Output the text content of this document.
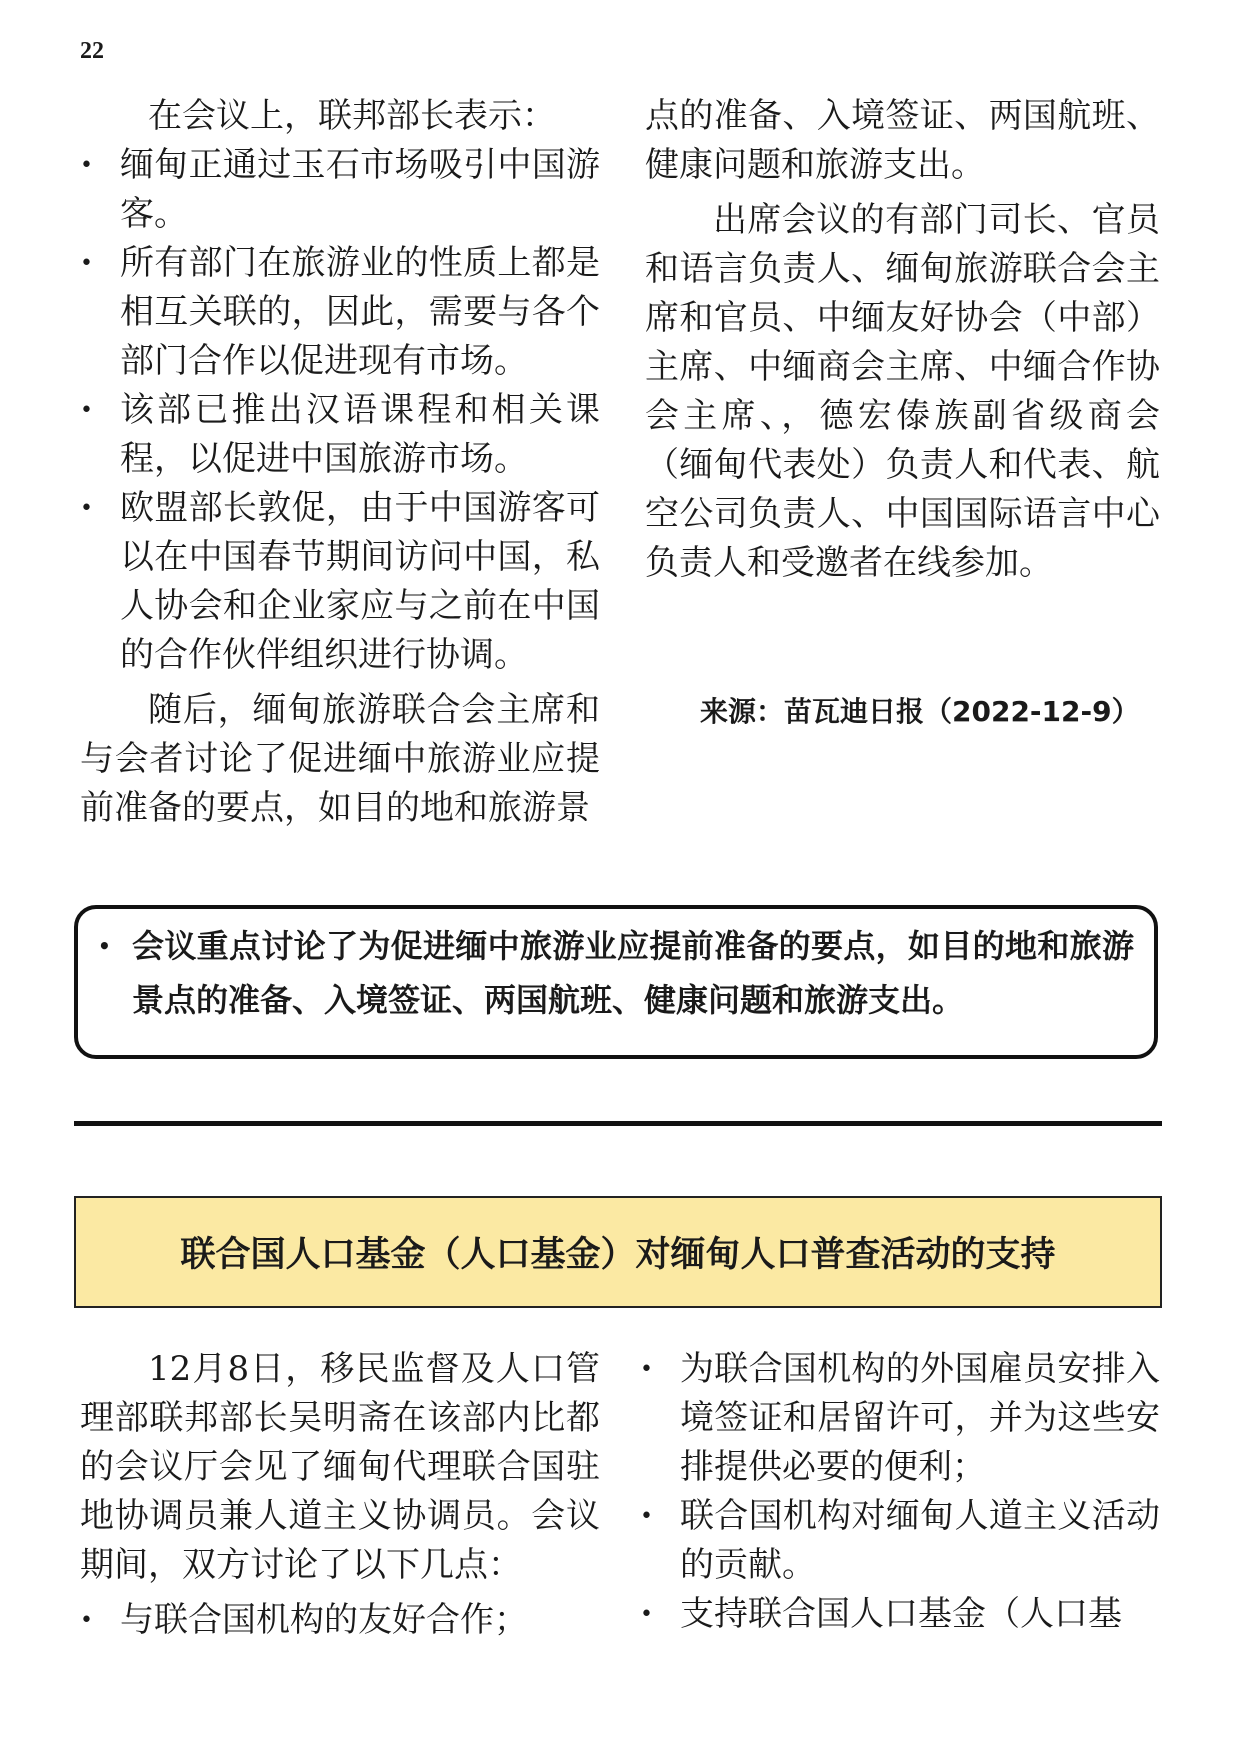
22

在会议上，联邦部长表示：

• 缅甸正通过玉石市场吸引中国游客。
• 所有部门在旅游业的性质上都是相互关联的，因此，需要与各个部门合作以促进现有市场。
• 该部已推出汉语课程和相关课程，以促进中国旅游市场。
• 欧盟部长敦促，由于中国游客可以在中国春节期间访问中国，私人协会和企业家应与之前在中国的合作伙伴组织进行协调。

随后，缅甸旅游联合会主席和与会者讨论了促进缅中旅游业应提前准备的要点，如目的地和旅游景

点的准备、入境签证、两国航班、健康问题和旅游支出。

出席会议的有部门司长、官员和语言负责人、缅甸旅游联合会主席和官员、中缅友好协会（中部）主席、中缅商会主席、中缅合作协会主席、，德宏傣族副省级商会（缅甸代表处）负责人和代表、航空公司负责人、中国国际语言中心负责人和受邀者在线参加。

来源：苗瓦迪日报（2022-12-9）
• 会议重点讨论了为促进缅中旅游业应提前准备的要点，如目的地和旅游景点的准备、入境签证、两国航班、健康问题和旅游支出。
联合国人口基金（人口基金）对缅甸人口普查活动的支持

12月8日，移民监督及人口管理部联邦部长吴明斋在该部内比都的会议厅会见了缅甸代理联合国驻地协调员兼人道主义协调员。会议期间，双方讨论了以下几点：

• 与联合国机构的友好合作；
• 为联合国机构的外国雇员安排入境签证和居留许可，并为这些安排提供必要的便利；
• 联合国机构对缅甸人道主义活动的贡献。
• 支持联合国人口基金（人口基
